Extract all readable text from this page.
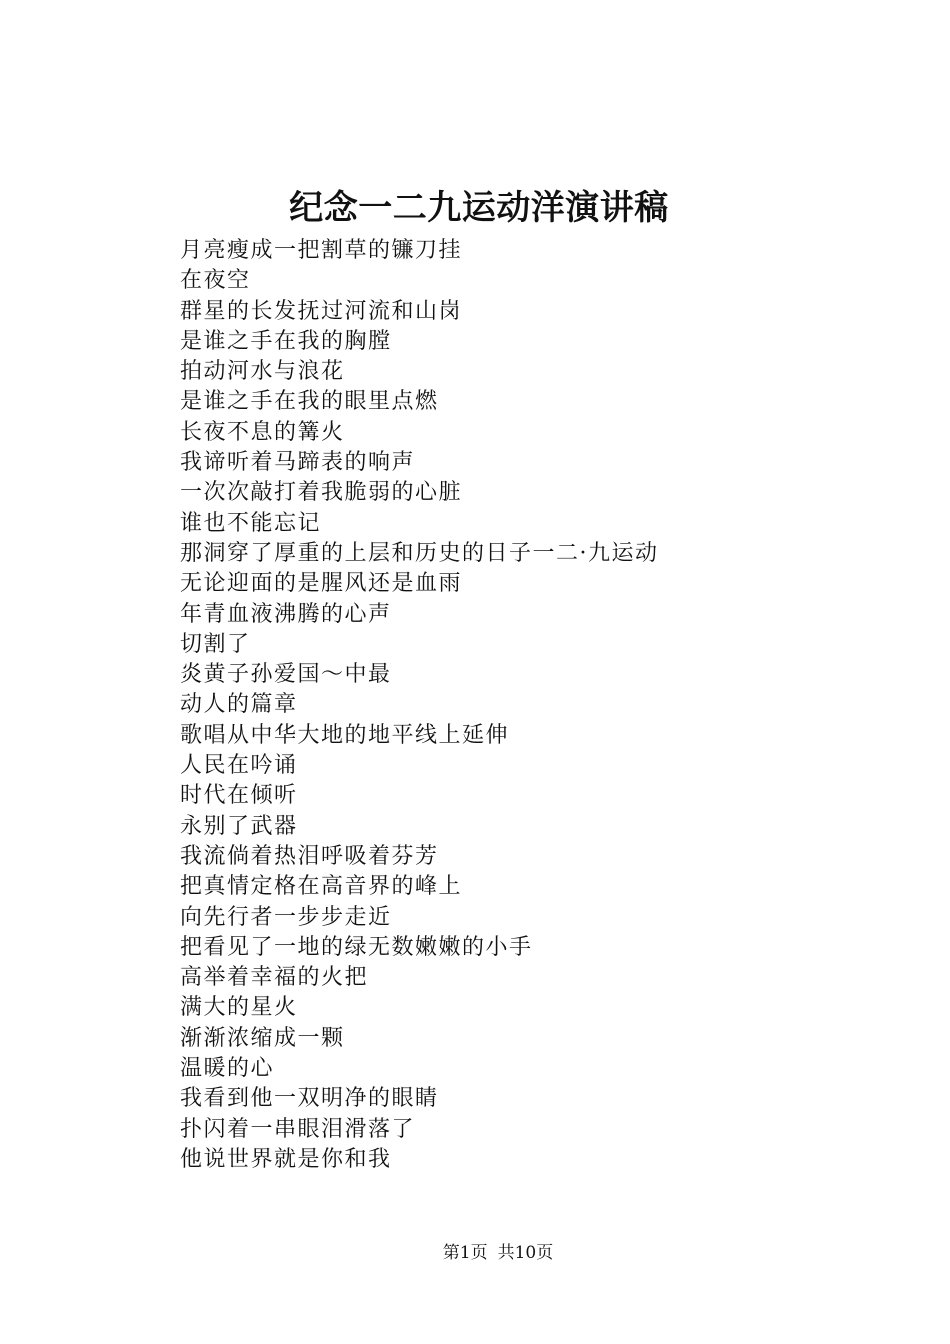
纪念一二九运动洋演讲稿
月亮瘦成一把割草的镰刀挂
在夜空
群星的长发抚过河流和山岗
是谁之手在我的胸膛
拍动河水与浪花
是谁之手在我的眼里点燃
长夜不息的篝火
我谛听着马蹄表的响声
一次次敲打着我脆弱的心脏
谁也不能忘记
那洞穿了厚重的上层和历史的日子一二·九运动
无论迎面的是腥风还是血雨
年青血液沸腾的心声
切割了
炎黄子孙爱国～中最
动人的篇章
歌唱从中华大地的地平线上延伸
人民在吟诵
时代在倾听
永别了武器
我流倘着热泪呼吸着芬芳
把真情定格在高音界的峰上
向先行者一步步走近
把看见了一地的绿无数嫩嫩的小手
高举着幸福的火把
满大的星火
渐渐浓缩成一颗
温暖的心
我看到他一双明净的眼睛
扑闪着一串眼泪滑落了
他说世界就是你和我
第1页 共10页
